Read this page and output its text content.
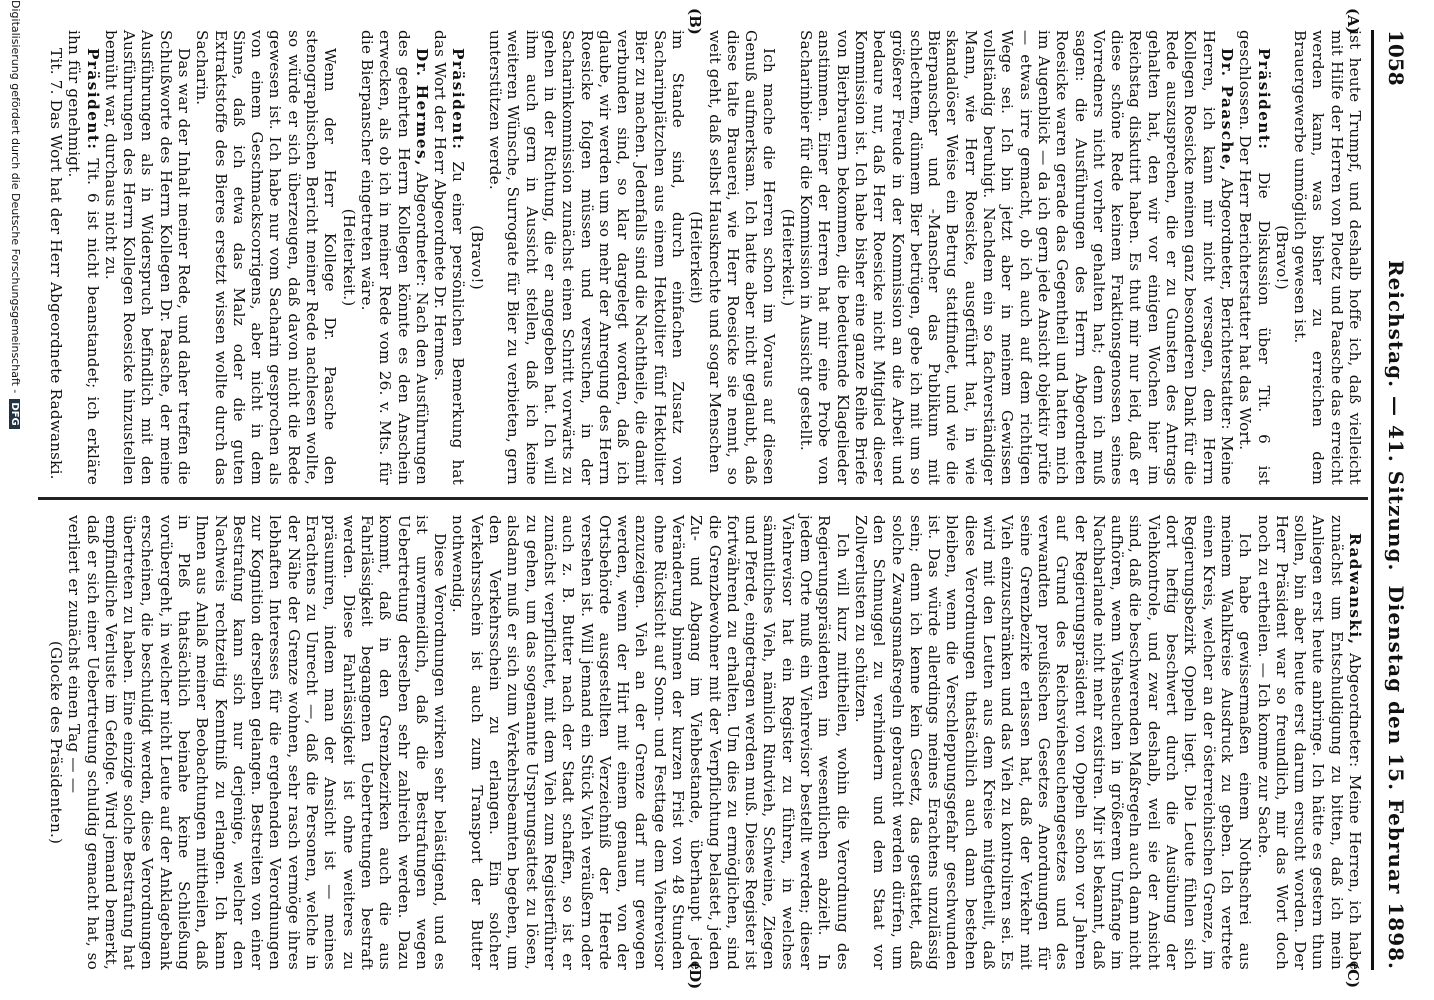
1058
Reichstag. — 41. Sitzung.
Dienstag den 15. Februar 1898.
(A)
(B)
(C)
(D)

ist heute Trumpf, und deshalb hoffe ich, daß vielleicht mit Hilfe der Herren von Ploetz und Paasche das erreicht werden kann, was bisher zu erreichen dem Brauergewerbe unmöglich gewesen ist.

(Bravo!)

Präsident: Die Diskussion über Tit. 6 ist geschlossen. Der Herr Berichterstatter hat das Wort.

Dr. Paasche, Abgeordneter, Berichterstatter: Meine Herren, ich kann mir nicht versagen, dem Herrn Kollegen Roesicke meinen ganz besonderen Dank für die Rede auszusprechen, die er zu Gunsten des Antrags gehalten hat, den wir vor einigen Wochen hier im Reichstag diskutirt haben. Es thut mir nur leid, daß er diese schöne Rede keinem Fraktionsgenossen seines Vorredners nicht vorher gehalten hat; denn ich muß sagen: die Ausführungen des Herrn Abgeordneten Roesicke waren gerade das Gegentheil und hatten mich im Augenblick — da ich gern jede Ansicht objektiv prüfe — etwas irre gemacht, ob ich auch auf dem richtigen Wege sei. Ich bin jetzt aber in meinem Gewissen vollständig beruhigt. Nachdem ein so fachverständiger Mann, wie Herr Roesicke, ausgeführt hat, in wie skandalöser Weise ein Betrug stattfindet, und wie die Bierpanscher und -Manscher das Publikum mit schlechtem, dünnem Bier betrügen, gebe ich mit um so größerer Freude in der Kommission an die Arbeit und bedaure nur, daß Herr Roesicke nicht Mitglied dieser Kommission ist. Ich habe bisher eine ganze Reihe Briefe von Bierbrauern bekommen, die bedeutende Klagelieder anstimmen. Einer der Herren hat mir eine Probe von Sacharinbier für die Kommission in Aussicht gestellt.

(Heiterkeit.)

Ich mache die Herren schon im Voraus auf diesen Genuß aufmerksam. Ich hatte aber nicht geglaubt, daß diese talte Brauerei, wie Herr Roesicke sie nennt, so weit geht, daß selbst Hausknechte und sogar Menschen

(Heiterkeit)

im Stande sind, durch einfachen Zusatz von Sacharinplätzchen aus einem Hektoliter fünf Hektoliter Bier zu machen. Jedenfalls sind die Nachtheile, die damit verbunden sind, so klar dargelegt worden, daß ich glaube, wir werden um so mehr der Anregung des Herrn Roesicke folgen müssen und versuchen, in der Sacharinkommission zunächst einen Schritt vorwärts zu gehen in der Richtung, die er angegeben hat. Ich will ihm auch gern in Aussicht stellen, daß ich keine weiteren Wünsche, Surrogate für Bier zu verbieten, gern unterstützen werde.

(Bravo!)

Präsident: Zu einer persönlichen Bemerkung hat das Wort der Herr Abgeordnete Dr. Hermes.

Dr. Hermes, Abgeordneter: Nach den Ausführungen des geehrten Herrn Kollegen könnte es den Anschein erwecken, als ob ich in meiner Rede vom 26. v. Mts. für die Bierpanscher eingetreten wäre.

(Heiterkeit.)

Wenn der Herr Kollege Dr. Paasche den stenographischen Bericht meiner Rede nachlesen wollte, so würde er sich überzeugen, daß davon nicht die Rede gewesen ist. Ich habe nur vom Sacharin gesprochen als von einem Geschmackscorrigens, aber nicht in dem Sinne, daß ich etwa das Malz oder die guten Extraktstoffe des Bieres ersetzt wissen wollte durch das Sacharin.

Das war der Inhalt meiner Rede, und daher treffen die Schlußworte des Herrn Kollegen Dr. Paasche, der meine Ausführungen als in Widerspruch befindlich mit den Ausführungen des Herrn Kollegen Roesicke hinzustellen bemüht war, durchaus nicht zu.

Präsident: Tit. 6 ist nicht beanstandet; ich erkläre ihn für genehmigt.

Tit. 7. Das Wort hat der Herr Abgeordnete Radwanski.

Radwanski, Abgeordneter: Meine Herren, ich habe zunächst um Entschuldigung zu bitten, daß ich mein Anliegen erst heute anbringe. Ich hätte es gestern thun sollen, bin aber heute erst darum ersucht worden. Der Herr Präsident war so freundlich, mir das Wort doch noch zu ertheilen. — Ich komme zur Sache.

Ich habe gewissermaßen einem Nothschrei aus meinem Wahlkreise Ausdruck zu geben. Ich vertrete einen Kreis, welcher an der österreichischen Grenze, im Regierungsbezirk Oppeln liegt. Die Leute fühlen sich dort heftig beschwert durch die Ausübung der Viehkontrole, und zwar deshalb, weil sie der Ansicht sind, daß die beschwerenden Maßregeln auch dann nicht aufhören, wenn Viehseuchen in größerem Umfange im Nachbarlande nicht mehr existiren. Mir ist bekannt, daß der Regierungspräsident von Oppeln schon vor Jahren auf Grund des Reichsviehseuchengesetzes und des verwandten preußischen Gesetzes Anordnungen für seine Grenzbezirke erlassen hat, daß der Verkehr mit Vieh einzuschränken und das Vieh zu kontroliren sei. Es wird mit den Leuten aus dem Kreise mitgetheilt, daß diese Verordnungen thatsächlich auch dann bestehen bleiben, wenn die Verschleppungsgefahr geschwunden ist. Das würde allerdings meines Erachtens unzulässig sein; denn ich kenne kein Gesetz, das gestattet, daß solche Zwangsmaßregeln gebraucht werden dürfen, um den Schmuggel zu verhindern und dem Staat vor Zollverlusten zu schützen.

Ich will kurz mittheilen, wohin die Verordnung des Regierungspräsidenten im wesentlichen abzielt. In jedem Orte muß ein Viehrevisor bestellt werden; dieser Viehrevisor hat ein Register zu führen, in welches sämmtliches Vieh, nämlich Rindvieh, Schweine, Ziegen und Pferde, eingetragen werden muß. Dieses Register ist fortwährend zu erhalten. Um dies zu ermöglichen, sind die Grenzbewohner mit der Verpflichtung belastet, jeden Zu- und Abgang im Viehbestande, überhaupt jede Veränderung binnen der kurzen Frist von 48 Stunden ohne Rücksicht auf Sonn- und Festtage dem Viehrevisor anzuzeigen. Vieh an der Grenze darf nur gewogen werden, wenn der Hirt mit einem genauen, von der Ortsbehörde ausgestellten Verzeichniß der Heerde versehen ist. Will jemand ein Stück Vieh veräußern oder auch z. B. Butter nach der Stadt schaffen, so ist er zunächst verpflichtet, mit dem Vieh zum Registerführer zu gehen, um das sogenannte Ursprungsattest zu lösen, alsdann muß er sich zum Verkehrsbeamten begeben, um den Verkehrsschein zu erlangen. Ein solcher Verkehrsschein ist auch zum Transport der Butter nothwendig.

Diese Verordnungen wirken sehr belästigend, und es ist unvermeidlich, daß die Bestrafungen wegen Uebertretung derselben sehr zahlreich werden. Dazu kommt, daß in den Grenzbezirken auch die aus Fahrlässigkeit begangenen Uebertretungen bestraft werden. Diese Fahrlässigkeit ist ohne weiteres zu präsumiren, indem man der Ansicht ist — meines Erachtens zu Unrecht —, daß die Personen, welche in der Nähe der Grenze wohnen, sehr rasch vermöge ihres lebhaften Interesses für die ergehenden Verordnungen zur Kognition derselben gelangen. Bestreiten von einer Bestrafung kann sich nur derjenige, welcher den Nachweis rechtzeitig Kenntniß zu erlangen. Ich kann Ihnen aus Anlaß meiner Beobachtungen mittheilen, daß in Pleß thatsächlich beinahe keine Schließung vorübergeht, in welcher nicht Leute auf der Anklagebank erscheinen, die beschuldigt werden, diese Verordnungen übertreten zu haben. Eine einzige solche Bestrafung hat empfindliche Verluste im Gefolge. Wird jemand bemerkt, daß er sich einer Uebertretung schuldig gemacht hat, so verliert er zunächst einen Tag — —

(Glocke des Präsidenten.)

Digitalisierung gefördert durch die Deutsche Forschungsgemeinschaft -DFG
